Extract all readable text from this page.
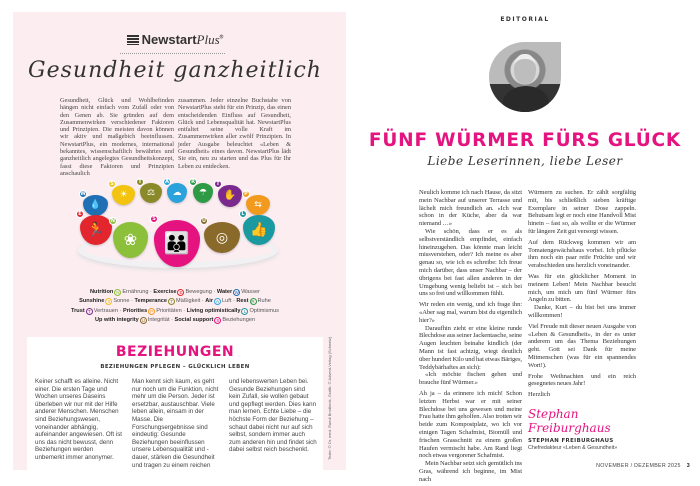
NewstartPlus®
Gesundheit ganzheitlich
Gesundheit, Glück und Wohlbefinden hängen nicht einfach vom Zufall oder von den Genen ab. Sie gründen auf dem Zusammenwirken verschiedener Faktoren und Prinzipien. Die meisten davon können wir aktiv und maßgebich beeinflussen. NewstartPlus, ein modernes, international bekanntes, wissenschaftlich bewährtes und ganzheitlich angelegtes Gesundheitskonzept, fasst diese Faktoren und Prinzipien anschaulich
zusammen. Jeder einzelne Buchstabe von NewstartPlus steht für ein Prinzip, das einen entscheidenden Einfluss auf Gesundheit, Glück und Lebensqualität hat. NewstartPlus entfaltet seine volle Kraft im Zusammenwirken aller zwölf Prinzipien. In jeder Ausgabe beleuchtet «Leben & Gesundheit» eines davon. NewstartPlus lädt Sie ein, neu zu starten und das Plus für Ihr Leben zu entdecken.
W
💧
S
☀
T
⚖
A
☁
R
☂
T
✋	P
⇆
E
🏃
N
❀
S
👪
U
◎
L
👍
Nutrition N Ernährung · Exercise E Bewegung · Water W Wasser
Sunshine S Sonne · Temperance T Mäßigkeit · Air A Luft · Rest R Ruhe
Trust T Vertrauen · Priorities P Prioritäten · Living optimistically L Optimismus
Up with integrity U Integrität · Social support S Beziehungen
BEZIEHUNGEN
BEZIEHUNGEN PFLEGEN – GLÜCKLICH LEBEN
Keiner schafft es alleine. Nicht einer. Die ersten Tage und Wochen unseres Daseins überleben wir nur mit der Hilfe anderer Menschen. Menschen sind Beziehungswesen, voneinander abhängig, aufeinander angewiesen. Oft ist uns das nicht bewusst, denn Beziehungen werden unbemerkt immer anonymer.
Man kennt sich kaum, es geht nur noch um die Funktion, nicht mehr um die Person. Jeder ist ersetzbar, austauschbar. Viele leben allein, einsam in der Masse. Die Forschungsergebnisse sind eindeutig: Gesunde Beziehungen beeinflussen unsere Lebensqualität und -dauer, stärken die Gesundheit und tragen zu einem reichen
und lebenswerten Leben bei. Gesunde Beziehungen sind kein Zufall, sie wollen gebaut und gepflegt werden. Dies kann man lernen. Echte Liebe – die höchste Form der Beziehung – schaut dabei nicht nur auf sich selbst, sondern immer auch zum anderen hin und findet sich dabei selbst reich beschenkt.	Texte: © Dr. med. Ruedi Brodbeck, Grafik: © Advent-Verlag (Schweiz)
EDITORIAL
FÜNF WÜRMER FÜRS GLÜCK
Liebe Leserinnen, liebe Leser

Neulich komme ich nach Hause, da sitzt mein Nachbar auf unserer Terrasse und lächelt mich freundlich an. «Ich war schon in der Küche, aber da war niemand …»

Wie schön, dass er es als selbstverständlich empfindet, einfach hineinzugehen. Das könnte man leicht missverstehen, oder? Ich meine es aber genau so, wie ich es schreibe: Ich freue mich darüber, dass unser Nachbar – der übrigens bei fast allen anderen in der Umgebung wenig beliebt ist – sich bei uns so frei und willkommen fühlt.

Wir reden ein wenig, und ich frage ihn: «Aber sag mal, warum bist du eigentlich hier?»

Daraufhin zieht er eine kleine runde Blechdose aus seiner Jackentasche, seine Augen leuchten beinahe kindlich (der Mann ist fast achtzig, wiegt deutlich über hundert Kilo und hat etwas Bäriges, Teddybärhaftes an sich):

«Ich möchte fischen gehen und brauche fünf Würmer.»

Ah ja – da erinnere ich mich! Schon letzten Herbst war er mit seiner Blechdose bei uns gewesen und meine Frau hatte ihm geholfen. Also trotten wir beide zum Kompostplatz, wo ich vor einigen Tagen Schafmist, Biomüll und frischen Grasschnitt zu einem großen Haufen vermischt habe. Am Rand liegt noch etwas vergorener Schafmist.

Mein Nachbar setzt sich gemütlich ins Gras, während ich beginne, im Mist nach

Würmern zu suchen. Er zählt sorgfältig mit, bis schließlich sieben kräftige Exemplare in seiner Dose zappeln. Behutsam legt er noch eine Handvoll Mist hinein – fast so, als wollte er die Würmer für längere Zeit gut versorgt wissen.

Auf dem Rückweg kommen wir am Tomatengewächshaus vorbei. Ich pflücke ihm noch ein paar reife Früchte und wir verabschieden uns herzlich voneinander.

Was für ein glücklicher Moment in meinem Leben! Mein Nachbar besucht mich, um mich um fünf Würmer fürs Angeln zu bitten.

Danke, Kurt – du bist bei uns immer willkommen!

Viel Freude mit dieser neuen Ausgabe von «Leben & Gesundheit», in der es unter anderem um das Thema Beziehungen geht. Gott sei Dank für meine Mitmenschen (was für ein spannendes Wort!).

Frohe Weihnachten und ein reich gesegnetes neues Jahr!

Herzlich

Stephan Freiburghaus
STEPHAN FREIBURGHAUS
Chefredakteur «Leben & Gesundheit»
NOVEMBER / DEZEMBER 2025 3
